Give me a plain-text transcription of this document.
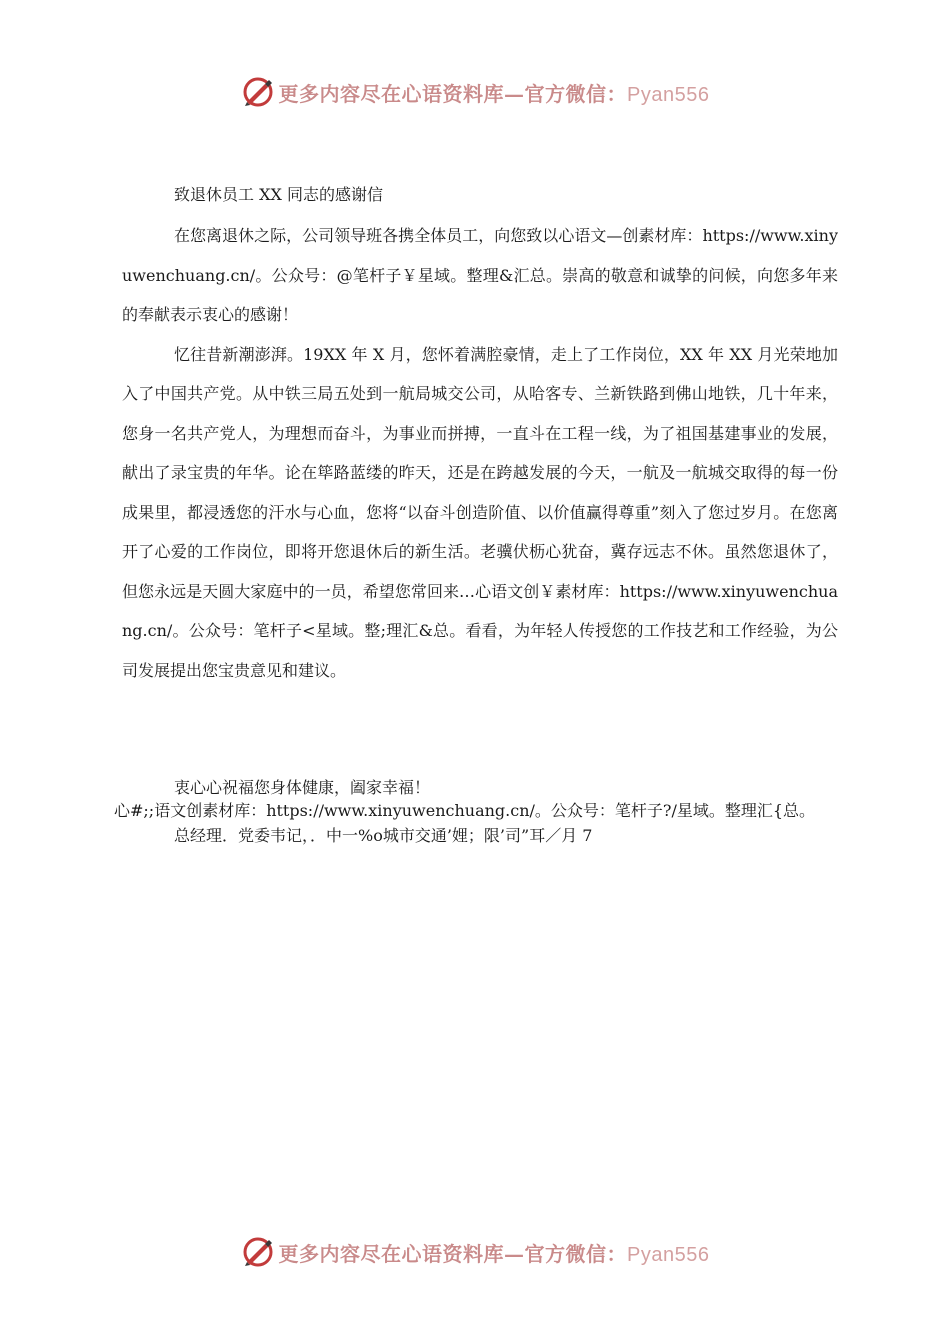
更多内容尽在心语资料库—官方微信：Pyan556

致退休员工 XX 同志的感谢信

在您离退休之际，公司领导班各携全体员工，向您致以心语文—创素材库：https://www.xinyuwenchuang.cn/。公众号：@笔杆子￥星域。整理&汇总。崇高的敬意和诚挚的问候，向您多年来的奉献表示衷心的感谢！

忆往昔新潮澎湃。19XX 年 X 月，您怀着满腔豪情，走上了工作岗位，XX 年 XX 月光荣地加入了中国共产党。从中铁三局五处到一航局城交公司，从哈客专、兰新铁路到佛山地铁，几十年来，您身一名共产党人，为理想而奋斗，为事业而拼搏，一直斗在工程一线，为了祖国基建事业的发展，献出了录宝贵的年华。论在筚路蓝缕的昨天，还是在跨越发展的今天，一航及一航城交取得的每一份成果里，都浸透您的汗水与心血，您将“以奋斗创造阶值、以价值赢得尊重”刻入了您过岁月。在您离开了心爱的工作岗位，即将开您退休后的新生活。老骥伏枥心犹奋，冀存远志不休。虽然您退休了，但您永远是天圆大家庭中的一员，希望您常回来…心语文创￥素材库：https://www.xinyuwenchuang.cn/。公众号：笔杆子<星域。整;理汇&总。看看，为年轻人传授您的工作技艺和工作经验，为公司发展提出您宝贵意见和建议。

衷心心祝福您身体健康，阖家幸福！

心#;;语文创素材库：https://www.xinyuwenchuang.cn/。公众号：笔杆子?/星域。整理汇{总。

总经理．党委韦记，．中一%o城市交通’娌；限’司”耳／月 7

更多内容尽在心语资料库—官方微信：Pyan556
